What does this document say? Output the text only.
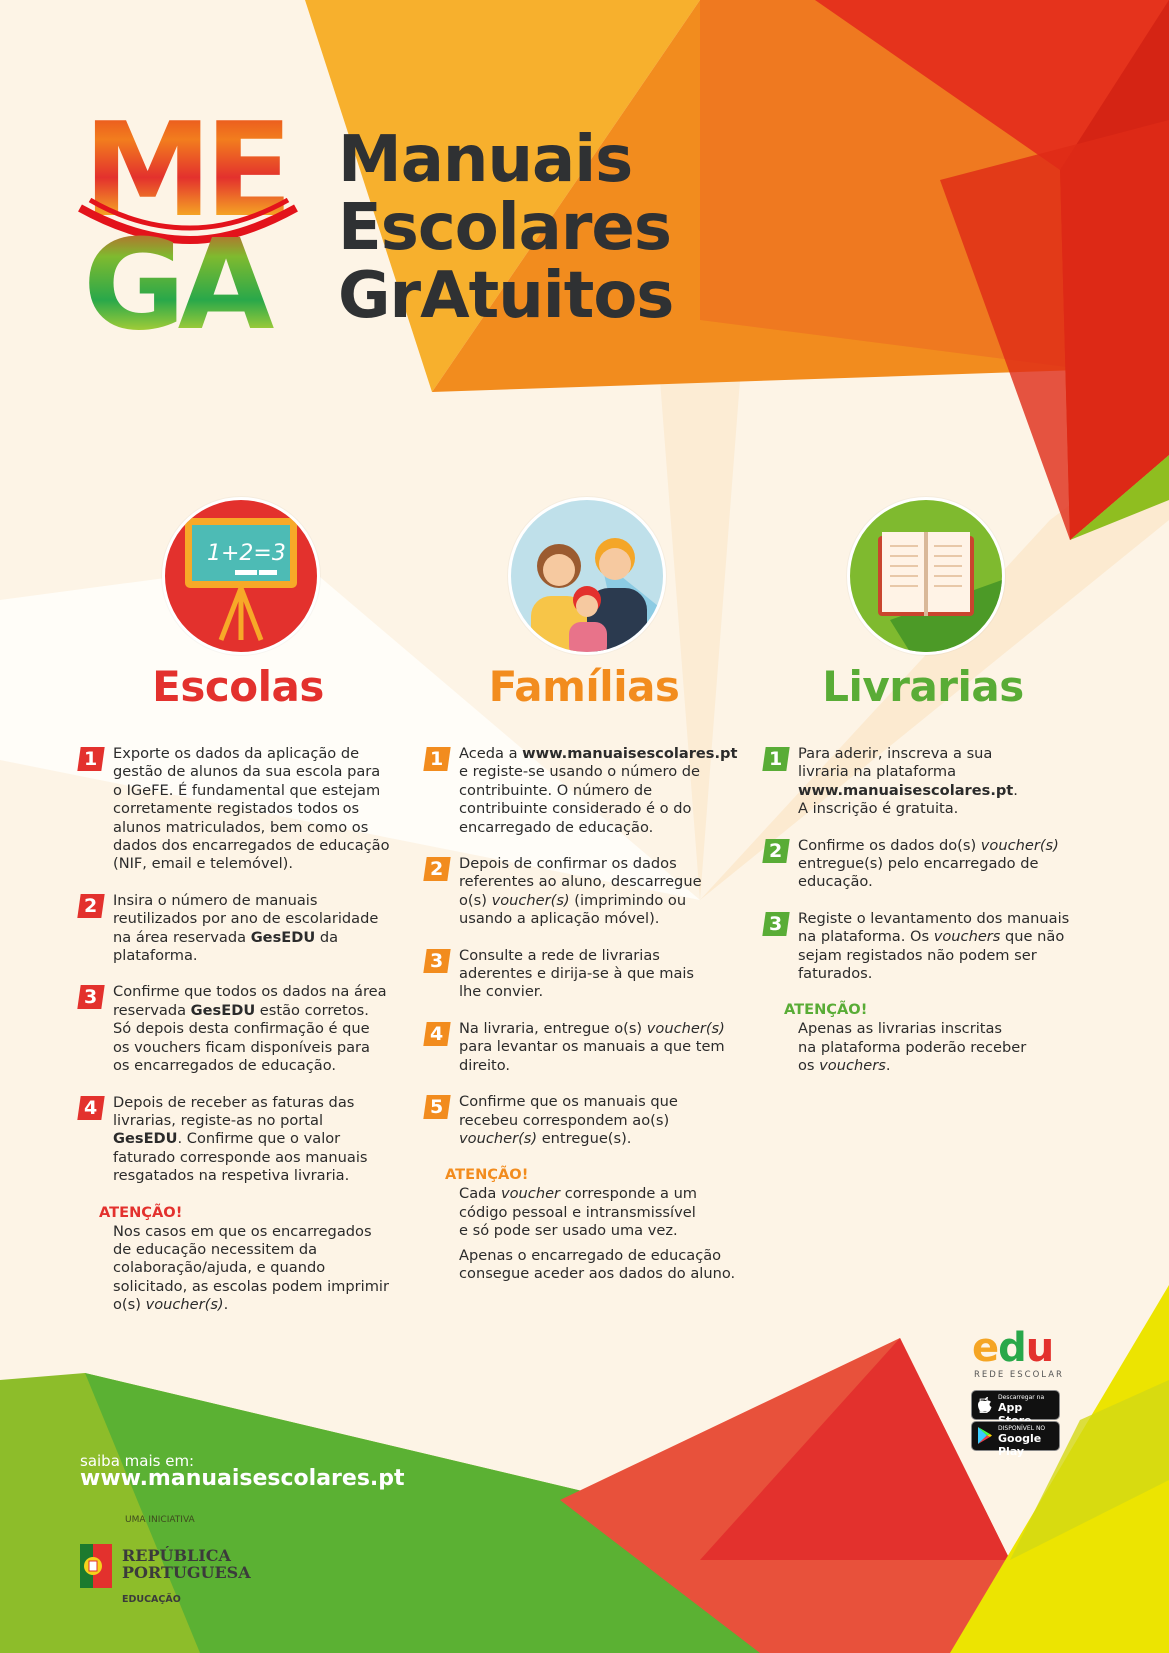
ME
GA
Manuais
Escolares
GrAtuitos
1+2=3
Escolas	Famílias	Livrarias
1	Exporte os dados da aplicação de
gestão de alunos da sua escola para
o IGeFE. É fundamental que estejam
corretamente registados todos os
alunos matriculados, bem como os
dados dos encarregados de educação
(NIF, email e telemóvel).
2	Insira o número de manuais
reutilizados por ano de escolaridade
na área reservada GesEDU da
plataforma.
3	Confirme que todos os dados na área
reservada GesEDU estão corretos.
Só depois desta confirmação é que
os vouchers ficam disponíveis para
os encarregados de educação.
4	Depois de receber as faturas das
livrarias, registe-as no portal
GesEDU. Confirme que o valor
faturado corresponde aos manuais
resgatados na respetiva livraria.
ATENÇÃO!

Nos casos em que os encarregados
de educação necessitem da
colaboração/ajuda, e quando
solicitado, as escolas podem imprimir
o(s) voucher(s).

1	Aceda a www.manuaisescolares.pt
e registe-se usando o número de
contribuinte. O número de
contribuinte considerado é o do
encarregado de educação.
2	Depois de confirmar os dados
referentes ao aluno, descarregue
o(s) voucher(s) (imprimindo ou
usando a aplicação móvel).
3	Consulte a rede de livrarias
aderentes e dirija-se à que mais
lhe convier.
4	Na livraria, entregue o(s) voucher(s)
para levantar os manuais a que tem
direito.
5	Confirme que os manuais que
recebeu correspondem ao(s)
voucher(s) entregue(s).
ATENÇÃO!

Cada voucher corresponde a um
código pessoal e intransmissível
e só pode ser usado uma vez.

Apenas o encarregado de educação
consegue aceder aos dados do aluno.

1	Para aderir, inscreva a sua
livraria na plataforma
www.manuaisescolares.pt.
A inscrição é gratuita.
2	Confirme os dados do(s) voucher(s)
entregue(s) pelo encarregado de
educação.
3	Registe o levantamento dos manuais
na plataforma. Os vouchers que não
sejam registados não podem ser
faturados.
ATENÇÃO!

Apenas as livrarias inscritas
na plataforma poderão receber
os vouchers.

saiba mais em:
www.manuaisescolares.pt
UMA INICIATIVA
REPÚBLICA
PORTUGUESA
EDUCAÇÃO
edu
REDE ESCOLAR
Descarregar na
App
DISPONÍVEL NO
Google Play
